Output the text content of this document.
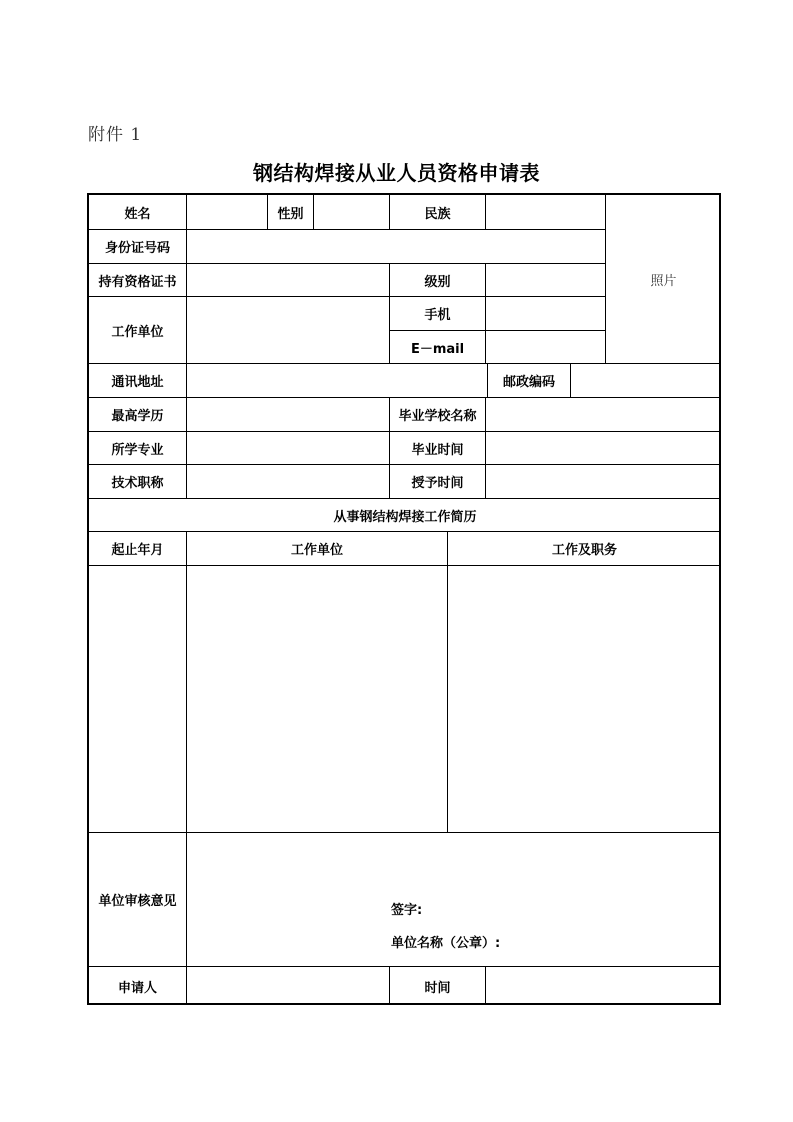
附件 1
钢结构焊接从业人员资格申请表
姓名	性别	民族
照片
身份证号码
持有资格证书	级别
工作单位
手机
E－mail
通讯地址	邮政编码
最高学历	毕业学校名称
所学专业	毕业时间
技术职称	授予时间
从事钢结构焊接工作简历
起止年月	工作单位	工作及职务
单位审核意见
签字:
单位名称（公章）:
申请人	时间
